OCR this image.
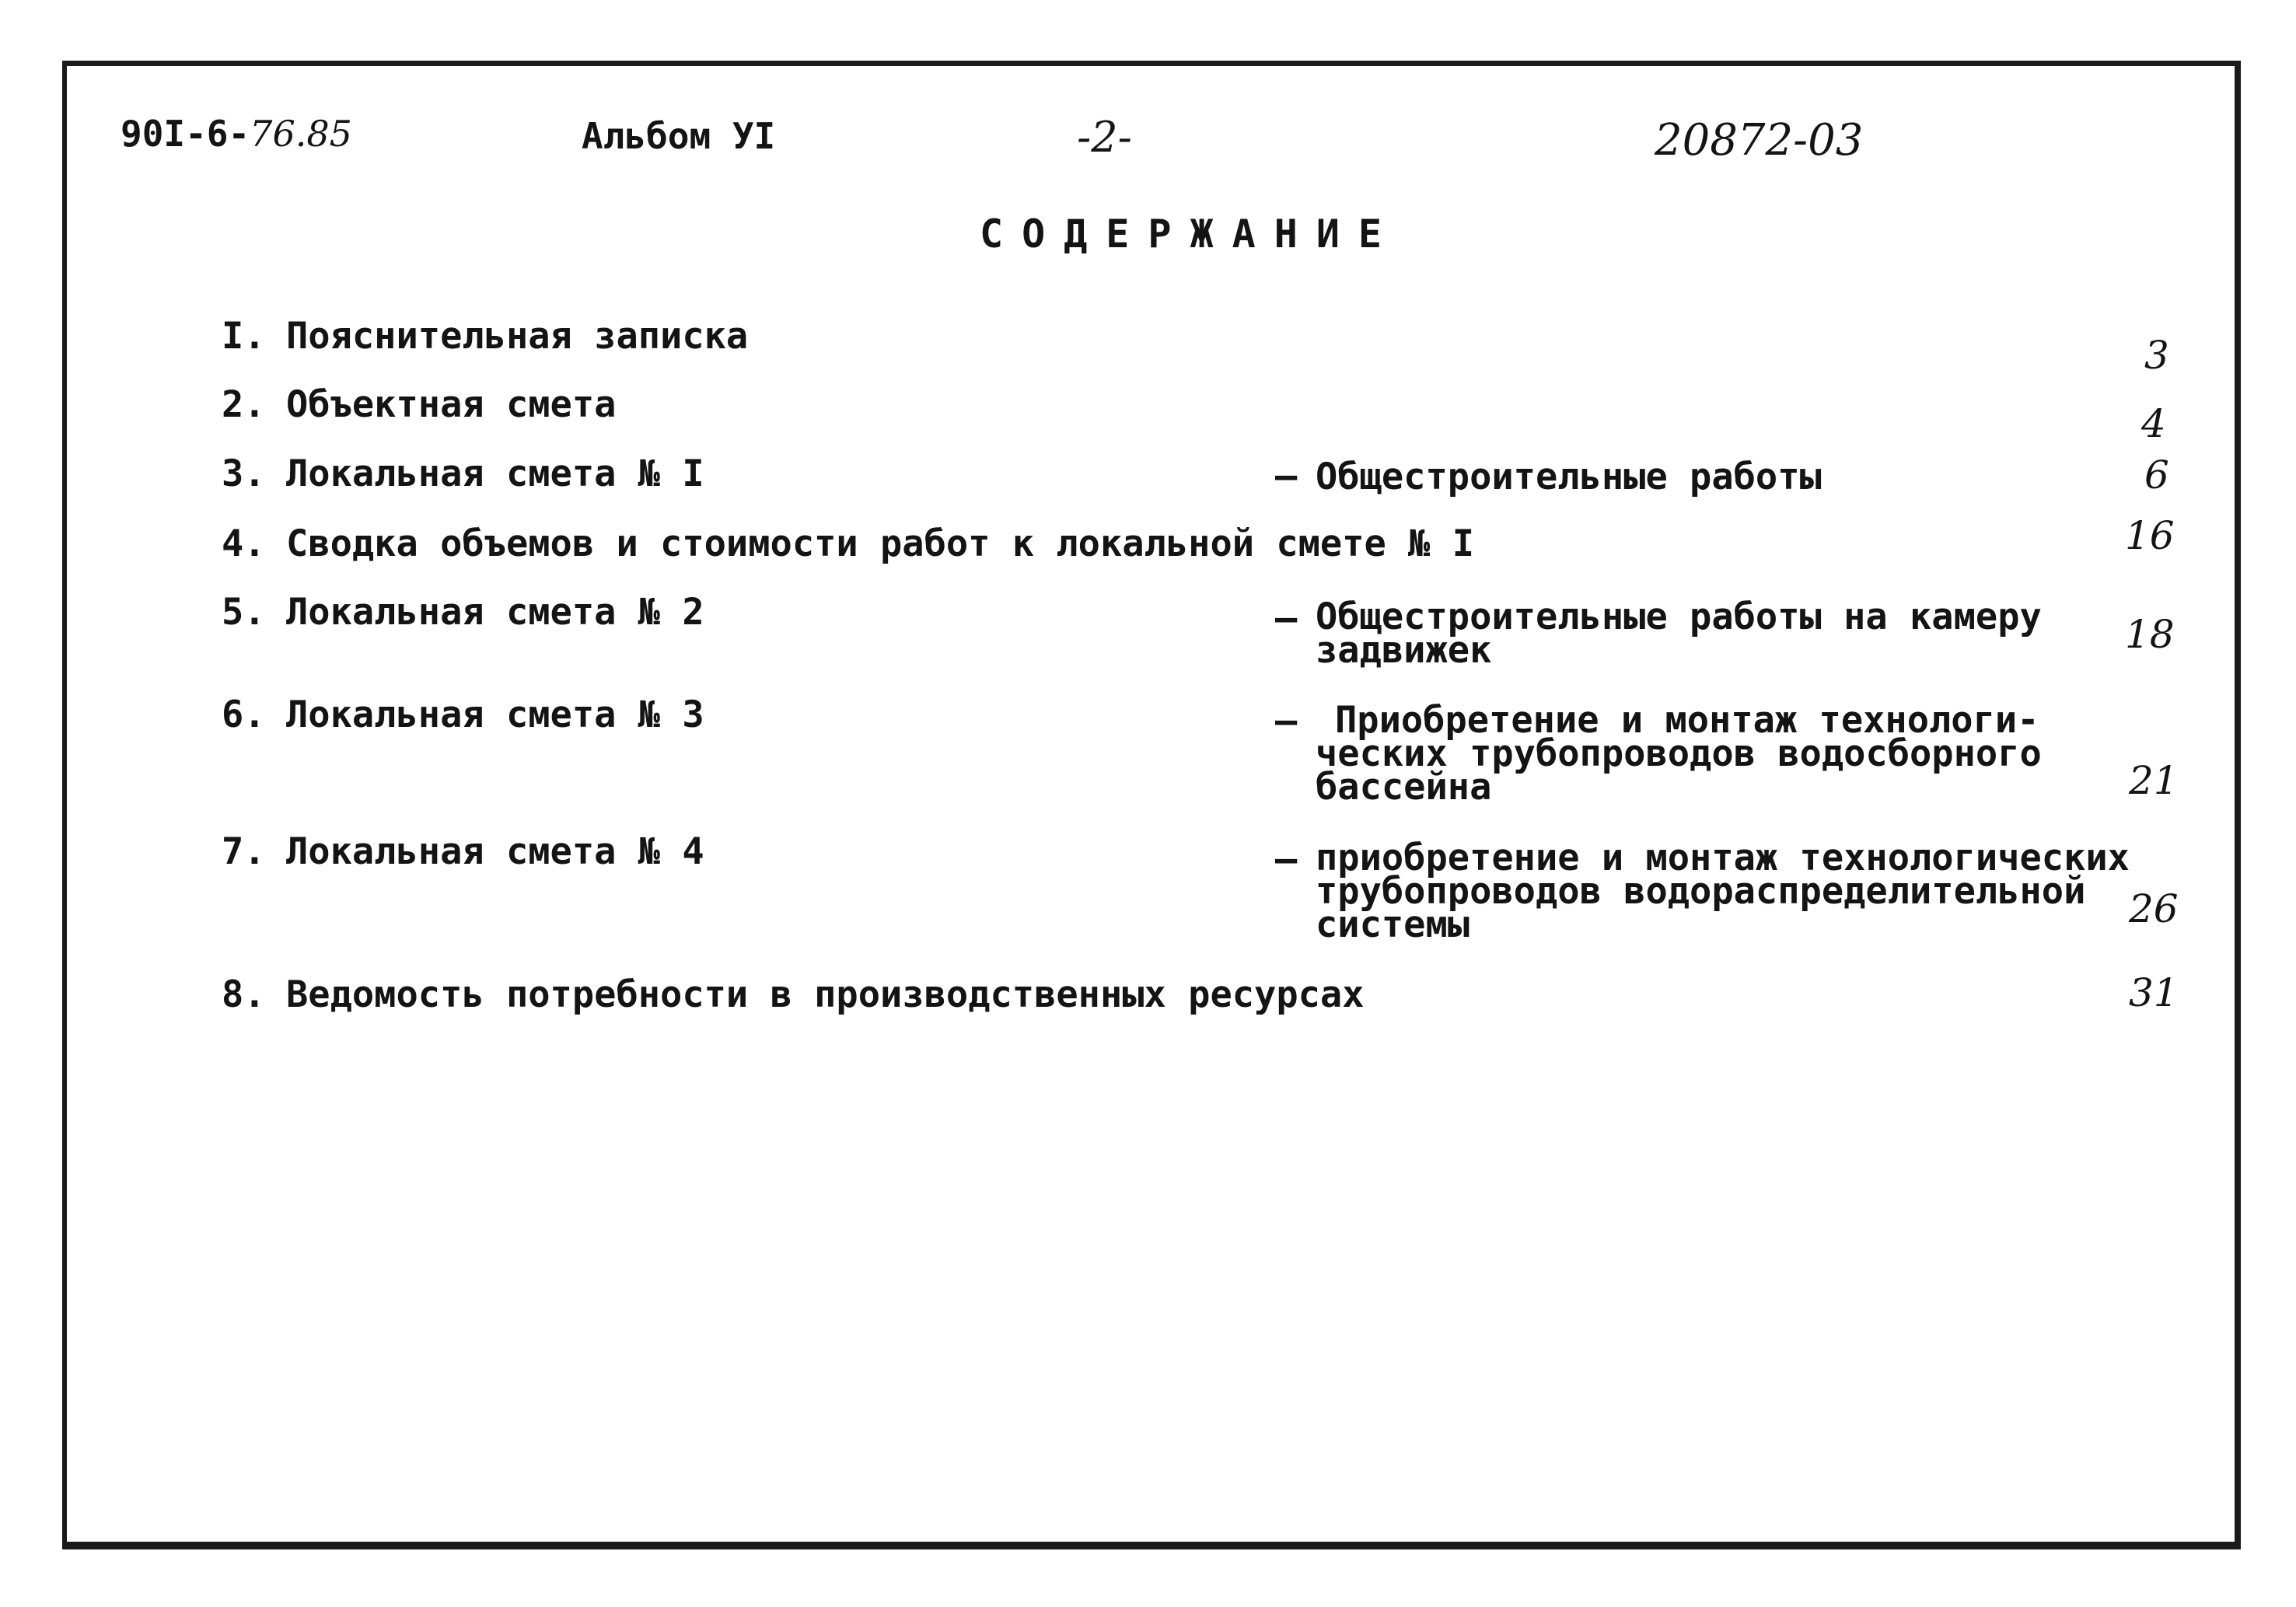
90I-6-76.85	Альбом УI	-2-	20872-03
СОДЕРЖАНИЕ
I. Пояснительная записка	3
2. Объектная смета	4
3. Локальная смета № I	– Общестроительные работы	6
4. Сводка объемов и стоимости работ к локальной смете № I	16
5. Локальная смета № 2	– Общестроительные работы на камеру
задвижек	18
6. Локальная смета № 3	– Приобретение и монтаж технологи-
ческих трубопроводов водосборного
бассейна	21
7. Локальная смета № 4	– приобретение и монтаж технологических
трубопроводов водораспределительной
системы	26
8. Ведомость потребности в производственных ресурсах	31
